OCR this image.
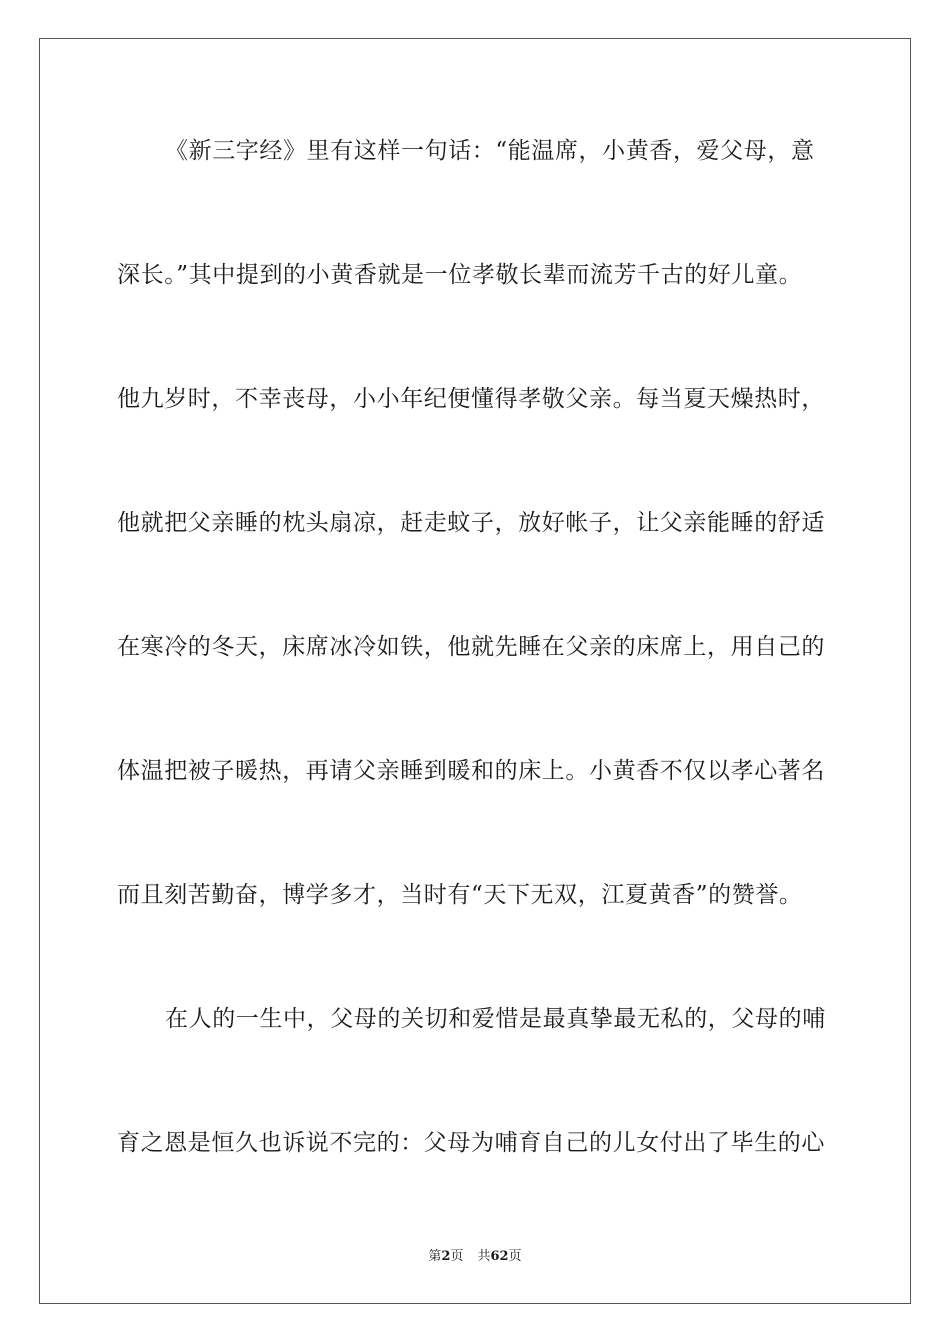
《新三字经》里有这样一句话：“能温席，小黄香，爱父母，意
深长。”其中提到的小黄香就是一位孝敬长辈而流芳千古的好儿童。
他九岁时，不幸丧母，小小年纪便懂得孝敬父亲。每当夏天燥热时，
他就把父亲睡的枕头扇凉，赶走蚊子，放好帐子，让父亲能睡的舒适
在寒冷的冬天，床席冰冷如铁，他就先睡在父亲的床席上，用自己的
体温把被子暖热，再请父亲睡到暖和的床上。小黄香不仅以孝心著名
而且刻苦勤奋，博学多才，当时有“天下无双，江夏黄香”的赞誉。
在人的一生中，父母的关切和爱惜是最真挚最无私的，父母的哺
育之恩是恒久也诉说不完的：父母为哺育自己的儿女付出了毕生的心
第2页 共62页
